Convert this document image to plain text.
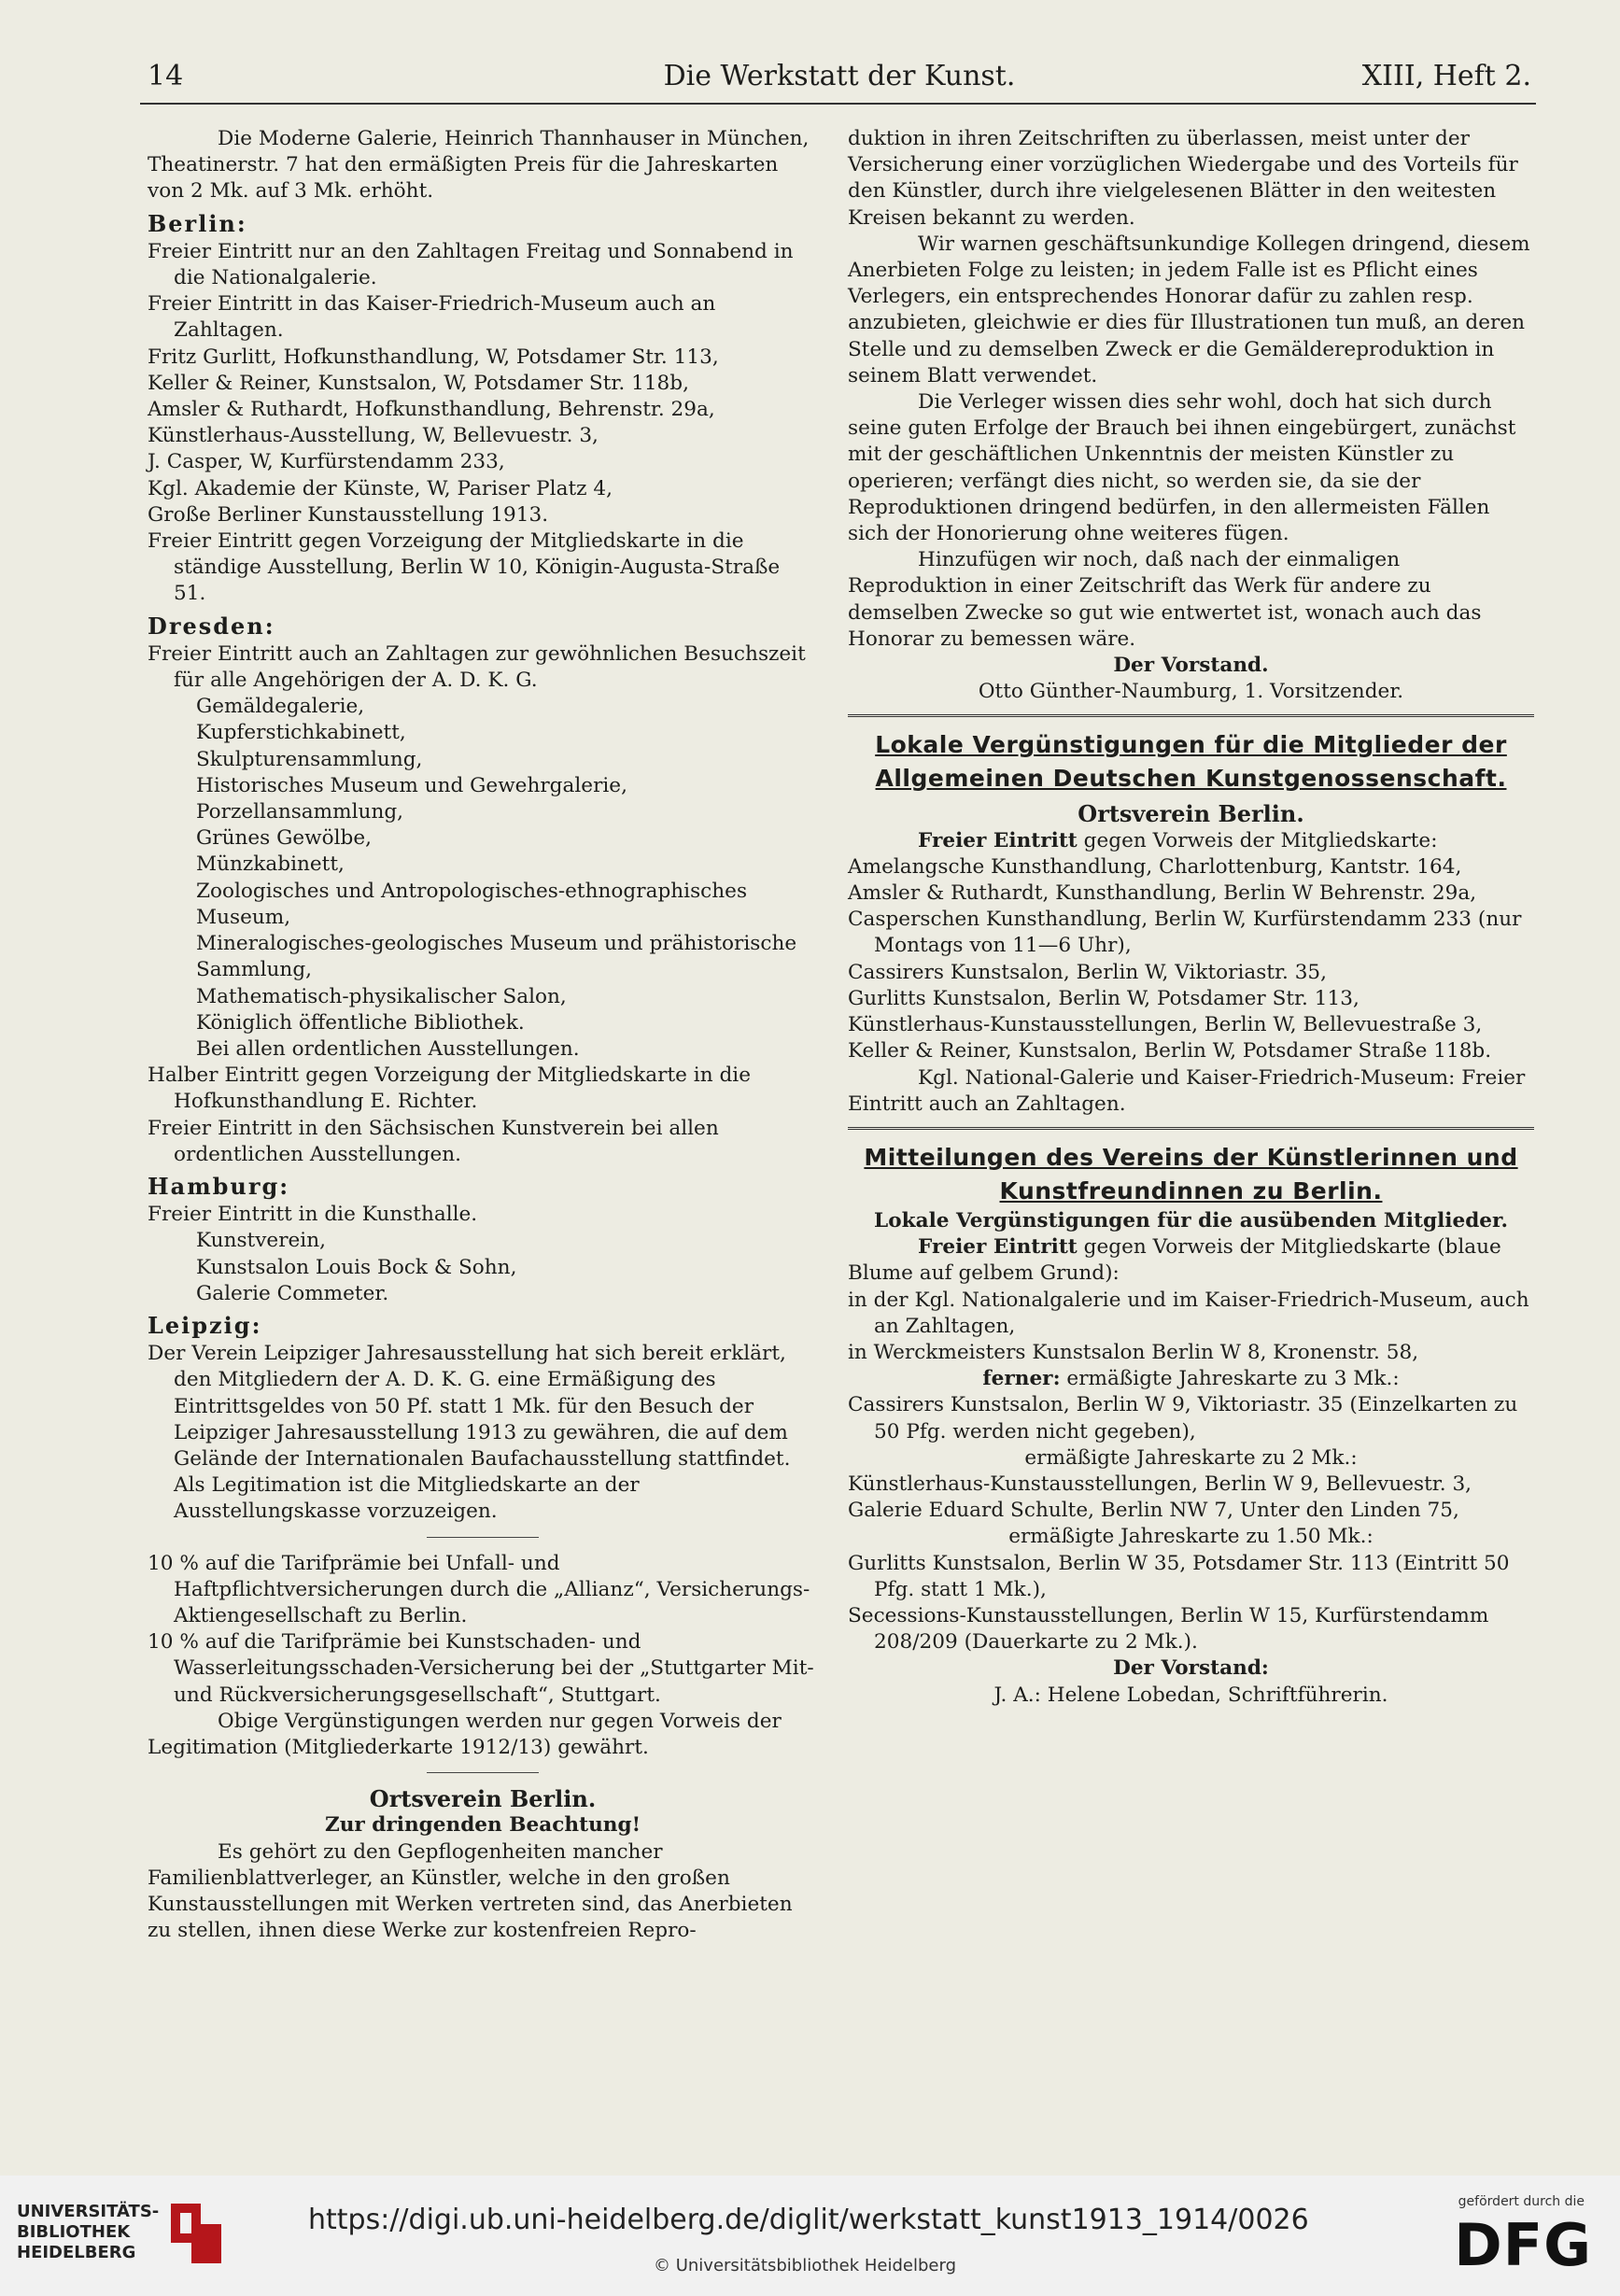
14	Die Werkstatt der Kunst.	XIII, Heft 2.

Die Moderne Galerie, Heinrich Thannhauser in München, Theatinerstr. 7 hat den ermäßigten Preis für die Jahreskarten von 2 Mk. auf 3 Mk. erhöht.

Berlin:

Freier Eintritt nur an den Zahltagen Freitag und Sonnabend in die Nationalgalerie.

Freier Eintritt in das Kaiser-Friedrich-Museum auch an Zahltagen.

Fritz Gurlitt, Hofkunsthandlung, W, Potsdamer Str. 113,

Keller & Reiner, Kunstsalon, W, Potsdamer Str. 118b,

Amsler & Ruthardt, Hofkunsthandlung, Behrenstr. 29a,

Künstlerhaus-Ausstellung, W, Bellevuestr. 3,

J. Casper, W, Kurfürstendamm 233,

Kgl. Akademie der Künste, W, Pariser Platz 4,

Große Berliner Kunstausstellung 1913.

Freier Eintritt gegen Vorzeigung der Mitgliedskarte in die ständige Ausstellung, Berlin W 10, Königin-Augusta-Straße 51.

Dresden:

Freier Eintritt auch an Zahltagen zur gewöhnlichen Besuchszeit für alle Angehörigen der A. D. K. G.

Gemäldegalerie,

Kupferstichkabinett,

Skulpturensammlung,

Historisches Museum und Gewehrgalerie,

Porzellansammlung,

Grünes Gewölbe,

Münzkabinett,

Zoologisches und Antropologisches-ethnographisches Museum,

Mineralogisches-geologisches Museum und prähistorische Sammlung,

Mathematisch-physikalischer Salon,

Königlich öffentliche Bibliothek.

Bei allen ordentlichen Ausstellungen.

Halber Eintritt gegen Vorzeigung der Mitgliedskarte in die Hofkunsthandlung E. Richter.

Freier Eintritt in den Sächsischen Kunstverein bei allen ordentlichen Ausstellungen.

Hamburg:

Freier Eintritt in die Kunsthalle.

Kunstverein,

Kunstsalon Louis Bock & Sohn,

Galerie Commeter.

Leipzig:

Der Verein Leipziger Jahresausstellung hat sich bereit erklärt, den Mitgliedern der A. D. K. G. eine Ermäßigung des Eintrittsgeldes von 50 Pf. statt 1 Mk. für den Besuch der Leipziger Jahresausstellung 1913 zu gewähren, die auf dem Gelände der Internationalen Baufachausstellung stattfindet. Als Legitimation ist die Mitgliedskarte an der Ausstellungskasse vorzuzeigen.

10 % auf die Tarifprämie bei Unfall- und Haftpflichtversicherungen durch die „Allianz“, Versicherungs-Aktiengesellschaft zu Berlin.

10 % auf die Tarifprämie bei Kunstschaden- und Wasserleitungsschaden-Versicherung bei der „Stuttgarter Mit- und Rückversicherungsgesellschaft“, Stuttgart.

Obige Vergünstigungen werden nur gegen Vorweis der Legitimation (Mitgliederkarte 1912/13) gewährt.

Ortsverein Berlin.

Zur dringenden Beachtung!

Es gehört zu den Gepflogenheiten mancher Familienblattverleger, an Künstler, welche in den großen Kunstausstellungen mit Werken vertreten sind, das Anerbieten zu stellen, ihnen diese Werke zur kostenfreien Repro-

duktion in ihren Zeitschriften zu überlassen, meist unter der Versicherung einer vorzüglichen Wiedergabe und des Vorteils für den Künstler, durch ihre vielgelesenen Blätter in den weitesten Kreisen bekannt zu werden.

Wir warnen geschäftsunkundige Kollegen dringend, diesem Anerbieten Folge zu leisten; in jedem Falle ist es Pflicht eines Verlegers, ein entsprechendes Honorar dafür zu zahlen resp. anzubieten, gleichwie er dies für Illustrationen tun muß, an deren Stelle und zu demselben Zweck er die Gemäldereproduktion in seinem Blatt verwendet.

Die Verleger wissen dies sehr wohl, doch hat sich durch seine guten Erfolge der Brauch bei ihnen eingebürgert, zunächst mit der geschäftlichen Unkenntnis der meisten Künstler zu operieren; verfängt dies nicht, so werden sie, da sie der Reproduktionen dringend bedürfen, in den allermeisten Fällen sich der Honorierung ohne weiteres fügen.

Hinzufügen wir noch, daß nach der einmaligen Reproduktion in einer Zeitschrift das Werk für andere zu demselben Zwecke so gut wie entwertet ist, wonach auch das Honorar zu bemessen wäre.

Der Vorstand.

Otto Günther-Naumburg, 1. Vorsitzender.

Lokale Vergünstigungen für die Mitglieder der

Allgemeinen Deutschen Kunstgenossenschaft.

Ortsverein Berlin.

Freier Eintritt gegen Vorweis der Mitgliedskarte:

Amelangsche Kunsthandlung, Charlottenburg, Kantstr. 164,

Amsler & Ruthardt, Kunsthandlung, Berlin W Behrenstr. 29a,

Casperschen Kunsthandlung, Berlin W, Kurfürstendamm 233 (nur Montags von 11—6 Uhr),

Cassirers Kunstsalon, Berlin W, Viktoriastr. 35,

Gurlitts Kunstsalon, Berlin W, Potsdamer Str. 113,

Künstlerhaus-Kunstausstellungen, Berlin W, Bellevuestraße 3,

Keller & Reiner, Kunstsalon, Berlin W, Potsdamer Straße 118b.

Kgl. National-Galerie und Kaiser-Friedrich-Museum: Freier Eintritt auch an Zahltagen.

Mitteilungen des Vereins der Künstlerinnen und

Kunstfreundinnen zu Berlin.

Lokale Vergünstigungen für die ausübenden Mitglieder.

Freier Eintritt gegen Vorweis der Mitgliedskarte (blaue Blume auf gelbem Grund):

in der Kgl. Nationalgalerie und im Kaiser-Friedrich-Museum, auch an Zahltagen,

in Werckmeisters Kunstsalon Berlin W 8, Kronenstr. 58,

ferner: ermäßigte Jahreskarte zu 3 Mk.:

Cassirers Kunstsalon, Berlin W 9, Viktoriastr. 35 (Einzelkarten zu 50 Pfg. werden nicht gegeben),

ermäßigte Jahreskarte zu 2 Mk.:

Künstlerhaus-Kunstausstellungen, Berlin W 9, Bellevuestr. 3,

Galerie Eduard Schulte, Berlin NW 7, Unter den Linden 75,

ermäßigte Jahreskarte zu 1.50 Mk.:

Gurlitts Kunstsalon, Berlin W 35, Potsdamer Str. 113 (Eintritt 50 Pfg. statt 1 Mk.),

Secessions-Kunstausstellungen, Berlin W 15, Kurfürstendamm 208/209 (Dauerkarte zu 2 Mk.).

Der Vorstand:

J. A.: Helene Lobedan, Schriftführerin.

UNIVERSITÄTS-
BIBLIOTHEK
HEIDELBERG
https://digi.ub.uni-heidelberg.de/diglit/werkstatt_kunst1913_1914/0026
© Universitätsbibliothek Heidelberg
gefördert durch die
DFG
